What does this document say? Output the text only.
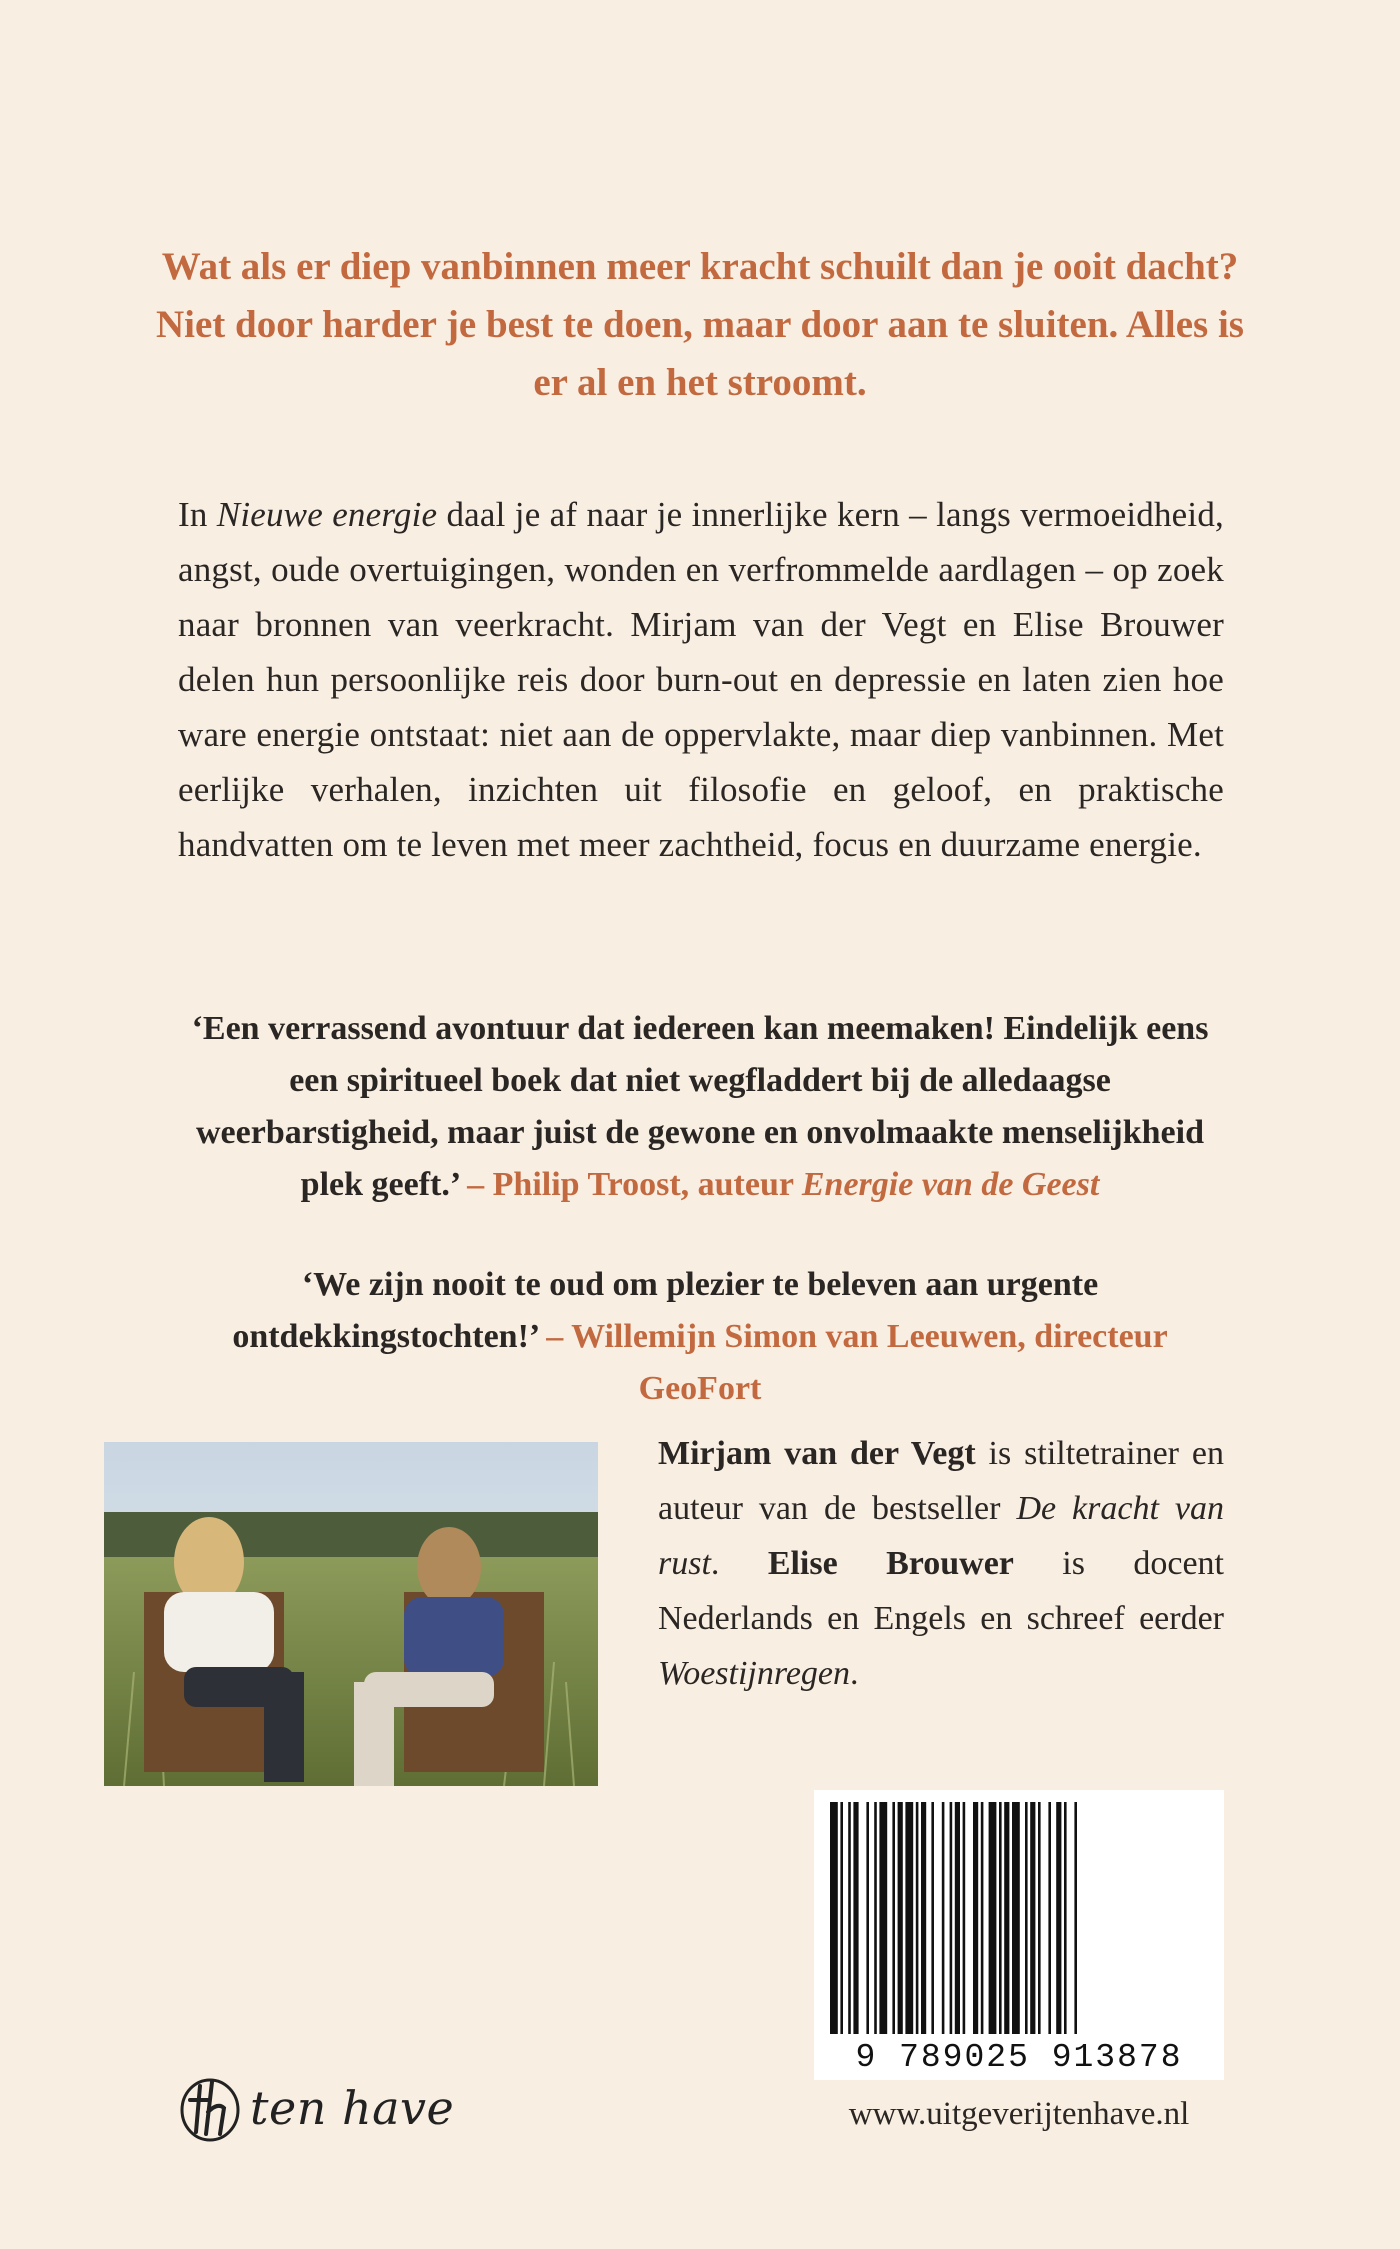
Wat als er diep vanbinnen meer kracht schuilt dan je ooit dacht? Niet door harder je best te doen, maar door aan te sluiten. Alles is er al en het stroomt.
In Nieuwe energie daal je af naar je innerlijke kern – langs vermoeidheid, angst, oude overtuigingen, wonden en verfrommelde aardlagen – op zoek naar bronnen van veerkracht. Mirjam van der Vegt en Elise Brouwer delen hun persoonlijke reis door burn-out en depressie en laten zien hoe ware energie ontstaat: niet aan de oppervlakte, maar diep vanbinnen. Met eerlijke verhalen, inzichten uit filosofie en geloof, en praktische handvatten om te leven met meer zachtheid, focus en duurzame energie.
‘Een verrassend avontuur dat iedereen kan meemaken! Eindelijk eens een spiritueel boek dat niet wegfladdert bij de alledaagse weerbarstigheid, maar juist de gewone en onvolmaakte menselijkheid plek geeft.’ – Philip Troost, auteur Energie van de Geest
‘We zijn nooit te oud om plezier te beleven aan urgente ontdekkingstochten!’ – Willemijn Simon van Leeuwen, directeur GeoFort
Mirjam van der Vegt is stiltetrainer en auteur van de bestseller De kracht van rust. Elise Brouwer is docent Nederlands en Engels en schreef eerder Woestijnregen.
9 789025 913878
ten have	www.uitgeverijtenhave.nl
